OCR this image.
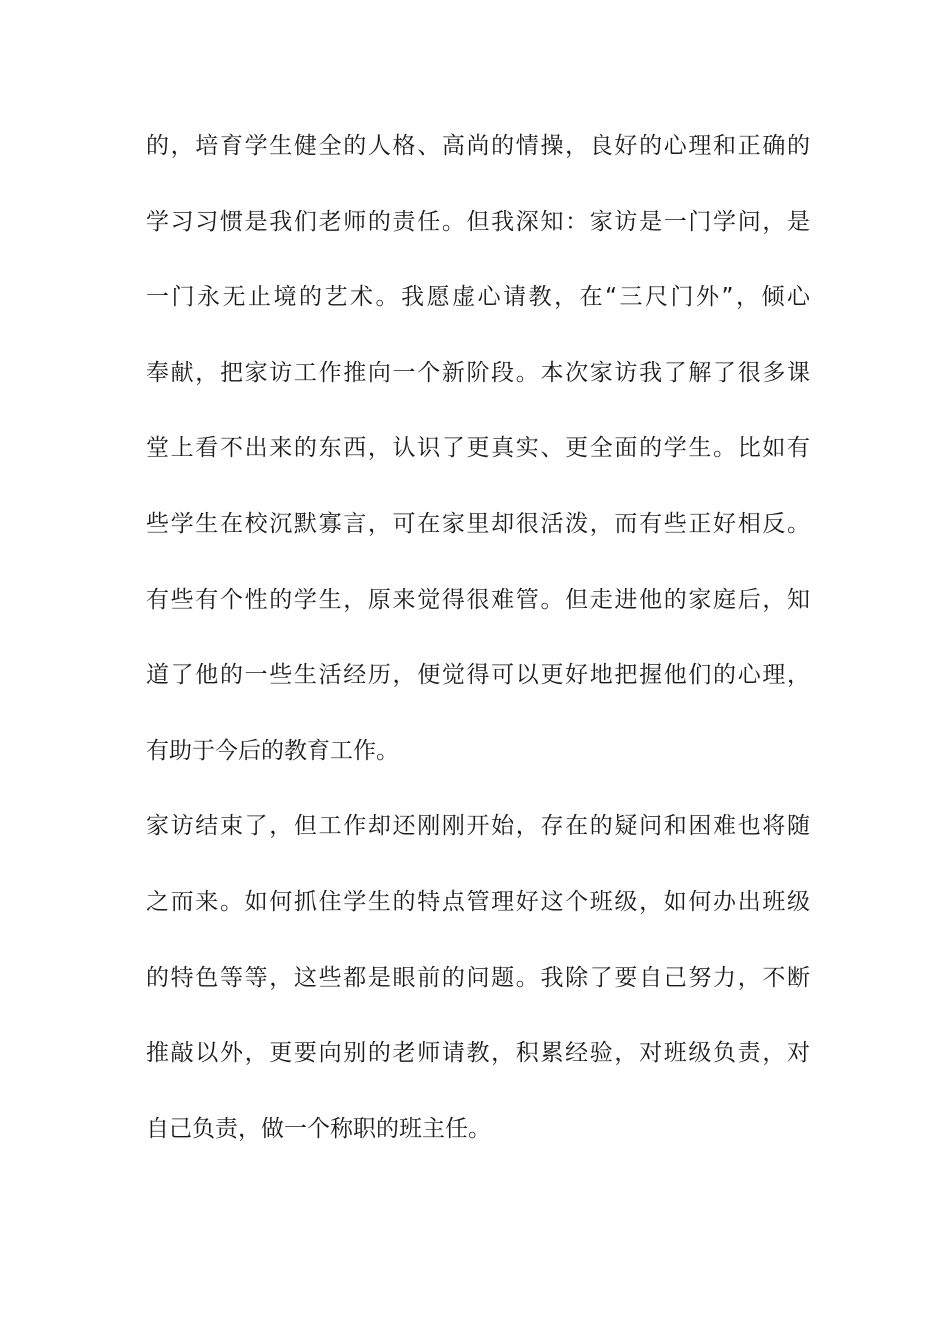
的，培育学生健全的人格、高尚的情操，良好的心理和正确的
学习习惯是我们老师的责任。但我深知：家访是一门学问，是
一门永无止境的艺术。我愿虚心请教，在“三尺门外”，倾心
奉献，把家访工作推向一个新阶段。本次家访我了解了很多课
堂上看不出来的东西，认识了更真实、更全面的学生。比如有
些学生在校沉默寡言，可在家里却很活泼，而有些正好相反。
有些有个性的学生，原来觉得很难管。但走进他的家庭后，知
道了他的一些生活经历，便觉得可以更好地把握他们的心理，
有助于今后的教育工作。
家访结束了，但工作却还刚刚开始，存在的疑问和困难也将随
之而来。如何抓住学生的特点管理好这个班级，如何办出班级
的特色等等，这些都是眼前的问题。我除了要自己努力，不断
推敲以外，更要向别的老师请教，积累经验，对班级负责，对
自己负责，做一个称职的班主任。
